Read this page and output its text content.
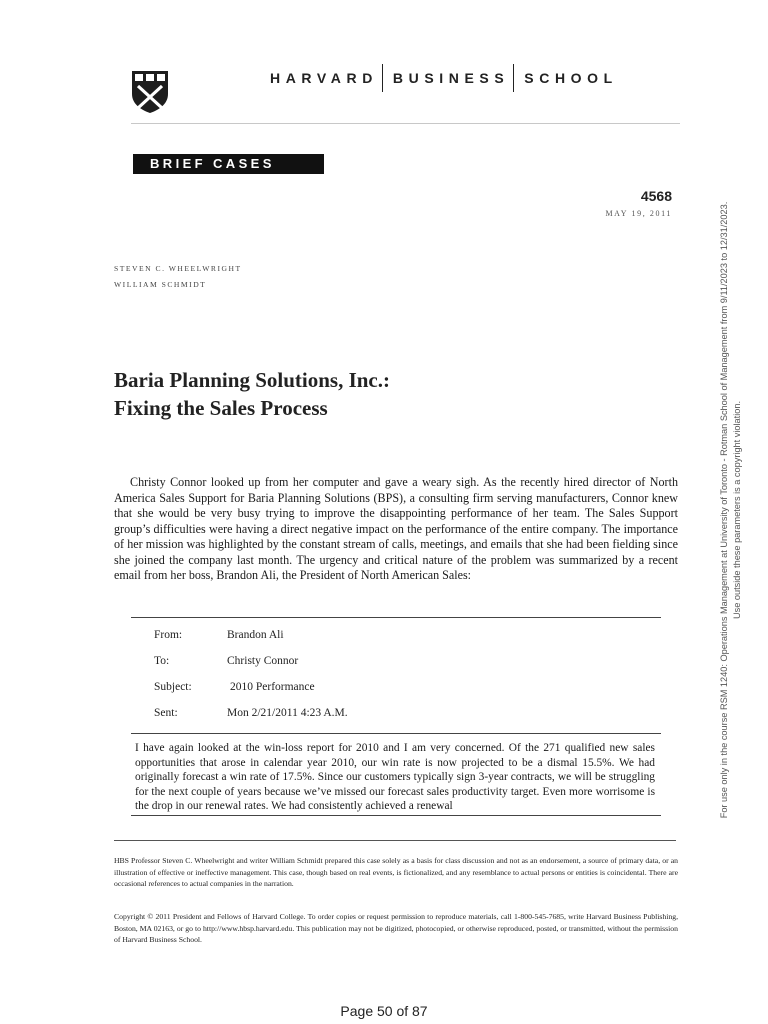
HARVARD BUSINESS SCHOOL
BRIEF CASES
4568
MAY 19, 2011
STEVEN C. WHEELWRIGHT
WILLIAM SCHMIDT
Baria Planning Solutions, Inc.:
Fixing the Sales Process

Christy Connor looked up from her computer and gave a weary sigh. As the recently hired director of North America Sales Support for Baria Planning Solutions (BPS), a consulting firm serving manufacturers, Connor knew that she would be very busy trying to improve the disappointing performance of her team. The Sales Support group’s difficulties were having a direct negative impact on the performance of the entire company. The importance of her mission was highlighted by the constant stream of calls, meetings, and emails that she had been fielding since she joined the company last month. The urgency and critical nature of the problem was summarized by a recent email from her boss, Brandon Ali, the President of North American Sales:

From:	Brandon Ali
To:	Christy Connor
Subject:	2010 Performance
Sent:	Mon 2/21/2011 4:23 A.M.

I have again looked at the win-loss report for 2010 and I am very concerned. Of the 271 qualified new sales opportunities that arose in calendar year 2010, our win rate is now projected to be a dismal 15.5%. We had originally forecast a win rate of 17.5%. Since our customers typically sign 3-year contracts, we will be struggling for the next couple of years because we’ve missed our forecast sales productivity target. Even more worrisome is the drop in our renewal rates. We had consistently achieved a renewal

HBS Professor Steven C. Wheelwright and writer William Schmidt prepared this case solely as a basis for class discussion and not as an endorsement, a source of primary data, or an illustration of effective or ineffective management. This case, though based on real events, is fictionalized, and any resemblance to actual persons or entities is coincidental. There are occasional references to actual companies in the narration.

Copyright © 2011 President and Fellows of Harvard College. To order copies or request permission to reproduce materials, call 1-800-545-7685, write Harvard Business Publishing, Boston, MA 02163, or go to http://www.hbsp.harvard.edu. This publication may not be digitized, photocopied, or otherwise reproduced, posted, or transmitted, without the permission of Harvard Business School.

For use only in the course RSM 1240: Operations Management at University of Toronto - Rotman School of Management from 9/11/2023 to 12/31/2023. Use outside these parameters is a copyright violation.
Page 50 of 87
